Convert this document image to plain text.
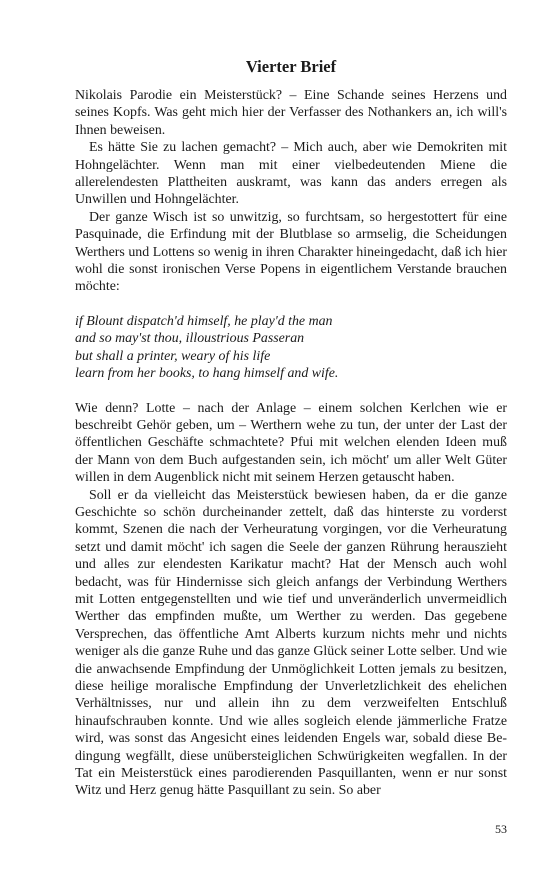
Vierter Brief

Nikolais Parodie ein Meisterstück? – Eine Schande seines Herzens und seines Kopfs. Was geht mich hier der Verfasser des Nothankers an, ich will's Ihnen beweisen.

Es hätte Sie zu lachen gemacht? – Mich auch, aber wie Demokriten mit Hohngelächter. Wenn man mit einer vielbedeutenden Miene die allerelendesten Plattheiten auskramt, was kann das anders erregen als Unwillen und Hohngelächter.

Der ganze Wisch ist so unwitzig, so furchtsam, so hergestottert für eine Pasquinade, die Erfindung mit der Blutblase so armselig, die Scheidungen Werthers und Lottens so wenig in ihren Charakter hineingedacht, daß ich hier wohl die sonst ironischen Verse Popens in eigentlichem Verstande brauchen möchte:

if Blount dispatch'd himself, he play'd the man
and so may'st thou, illoustrious Passeran
but shall a printer, weary of his life
learn from her books, to hang himself and wife.

Wie denn? Lotte – nach der Anlage – einem solchen Kerlchen wie er beschreibt Gehör geben, um – Werthern wehe zu tun, der unter der Last der öffentlichen Geschäfte schmachtete? Pfui mit welchen elenden Ideen muß der Mann von dem Buch aufgestanden sein, ich möcht' um aller Welt Güter willen in dem Augenblick nicht mit seinem Herzen getauscht haben.

Soll er da vielleicht das Meisterstück bewiesen haben, da er die ganze Geschichte so schön durcheinander zettelt, daß das hinterste zu vorderst kommt, Szenen die nach der Verheuratung vorgingen, vor die Verheuratung setzt und damit möcht' ich sagen die Seele der ganzen Rührung herauszieht und alles zur elendesten Karikatur macht? Hat der Mensch auch wohl bedacht, was für Hindernisse sich gleich anfangs der Verbindung Werthers mit Lotten entgegenstellten und wie tief und unveränderlich unvermeidlich Werther das empfinden mußte, um Werther zu werden. Das gegebene Versprechen, das öffentliche Amt Alberts kurzum nichts mehr und nichts weniger als die ganze Ruhe und das ganze Glück seiner Lotte selber. Und wie die anwachsende Empfindung der Unmöglichkeit Lotten jemals zu besitzen, diese heilige moralische Empfindung der Unverletzlichkeit des ehelichen Verhältnisses, nur und allein ihn zu dem verzweifelten Entschluß hinaufschrauben konnte. Und wie alles sogleich elende jämmerliche Fratze wird, was sonst das Angesicht eines leidenden Engels war, sobald diese Bedingung wegfällt, diese unübersteiglichen Schwürigkeiten wegfallen. In der Tat ein Meisterstück eines parodierenden Pasquillanten, wenn er nur sonst Witz und Herz genug hätte Pasquillant zu sein. So aber

53
